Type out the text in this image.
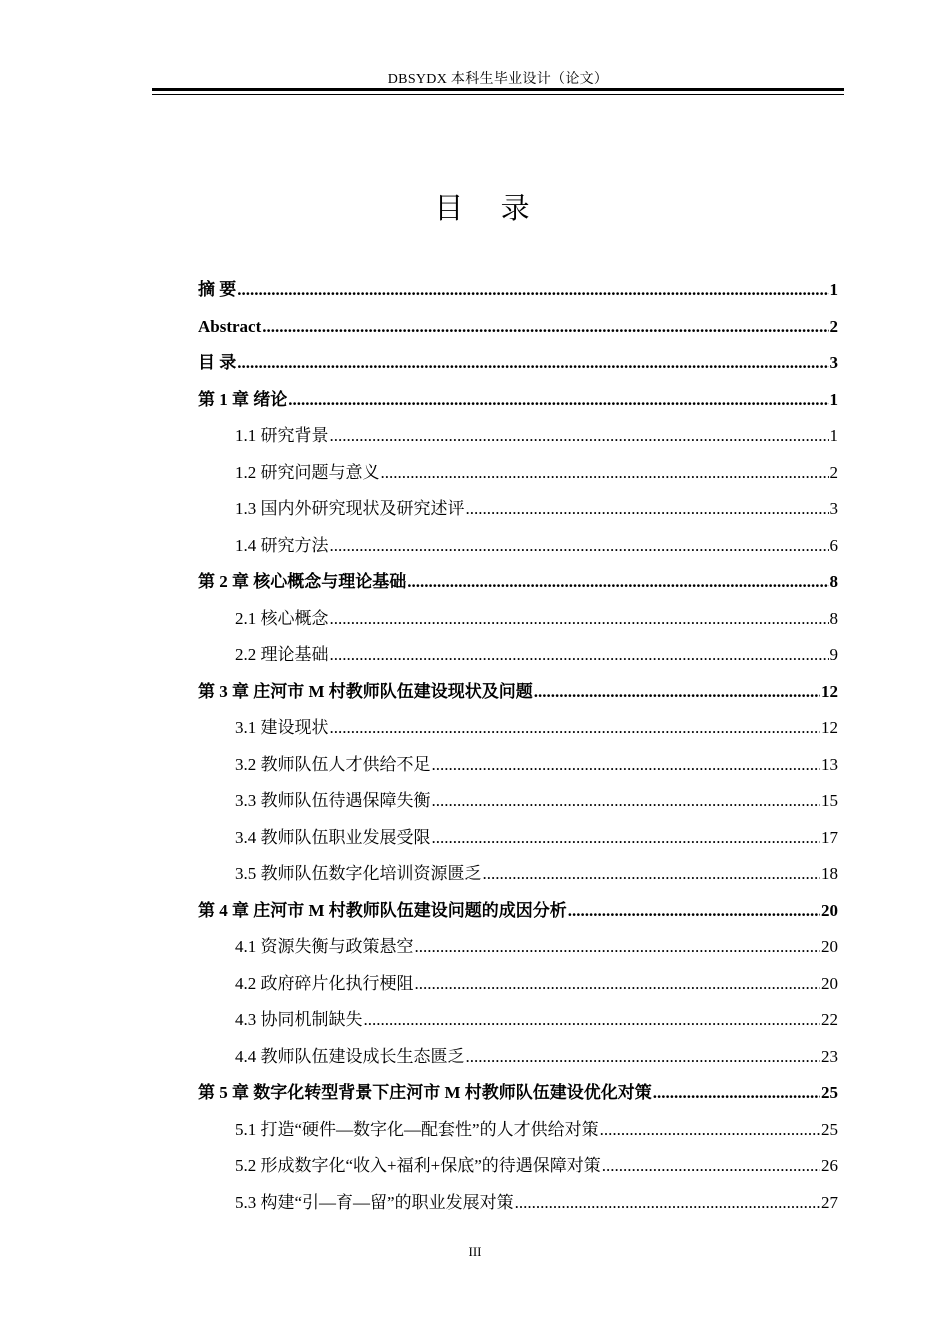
DBSYDX 本科生毕业设计（论文）
目 录
摘 要 .....	1
Abstract .....	2
目 录 .....	3
第 1 章 绪论 .....	1
1.1 研究背景 .....	1
1.2 研究问题与意义 .....	2
1.3 国内外研究现状及研究述评 .....	3
1.4 研究方法 .....	6
第 2 章 核心概念与理论基础 .....	8
2.1 核心概念 .....	8
2.2 理论基础 .....	9
第 3 章 庄河市 M 村教师队伍建设现状及问题 .....	12
3.1 建设现状 .....	12
3.2 教师队伍人才供给不足 .....	13
3.3 教师队伍待遇保障失衡 .....	15
3.4 教师队伍职业发展受限 .....	17
3.5 教师队伍数字化培训资源匮乏 .....	18
第 4 章 庄河市 M 村教师队伍建设问题的成因分析 .....	20
4.1 资源失衡与政策悬空 .....	20
4.2 政府碎片化执行梗阻 .....	20
4.3 协同机制缺失 .....	22
4.4 教师队伍建设成长生态匮乏 .....	23
第 5 章 数字化转型背景下庄河市 M 村教师队伍建设优化对策 .....	25
5.1 打造“硬件—数字化—配套性”的人才供给对策 .....	25
5.2 形成数字化“收入+福利+保底”的待遇保障对策 .....	26
5.3 构建“引—育—留”的职业发展对策 .....	27
III
